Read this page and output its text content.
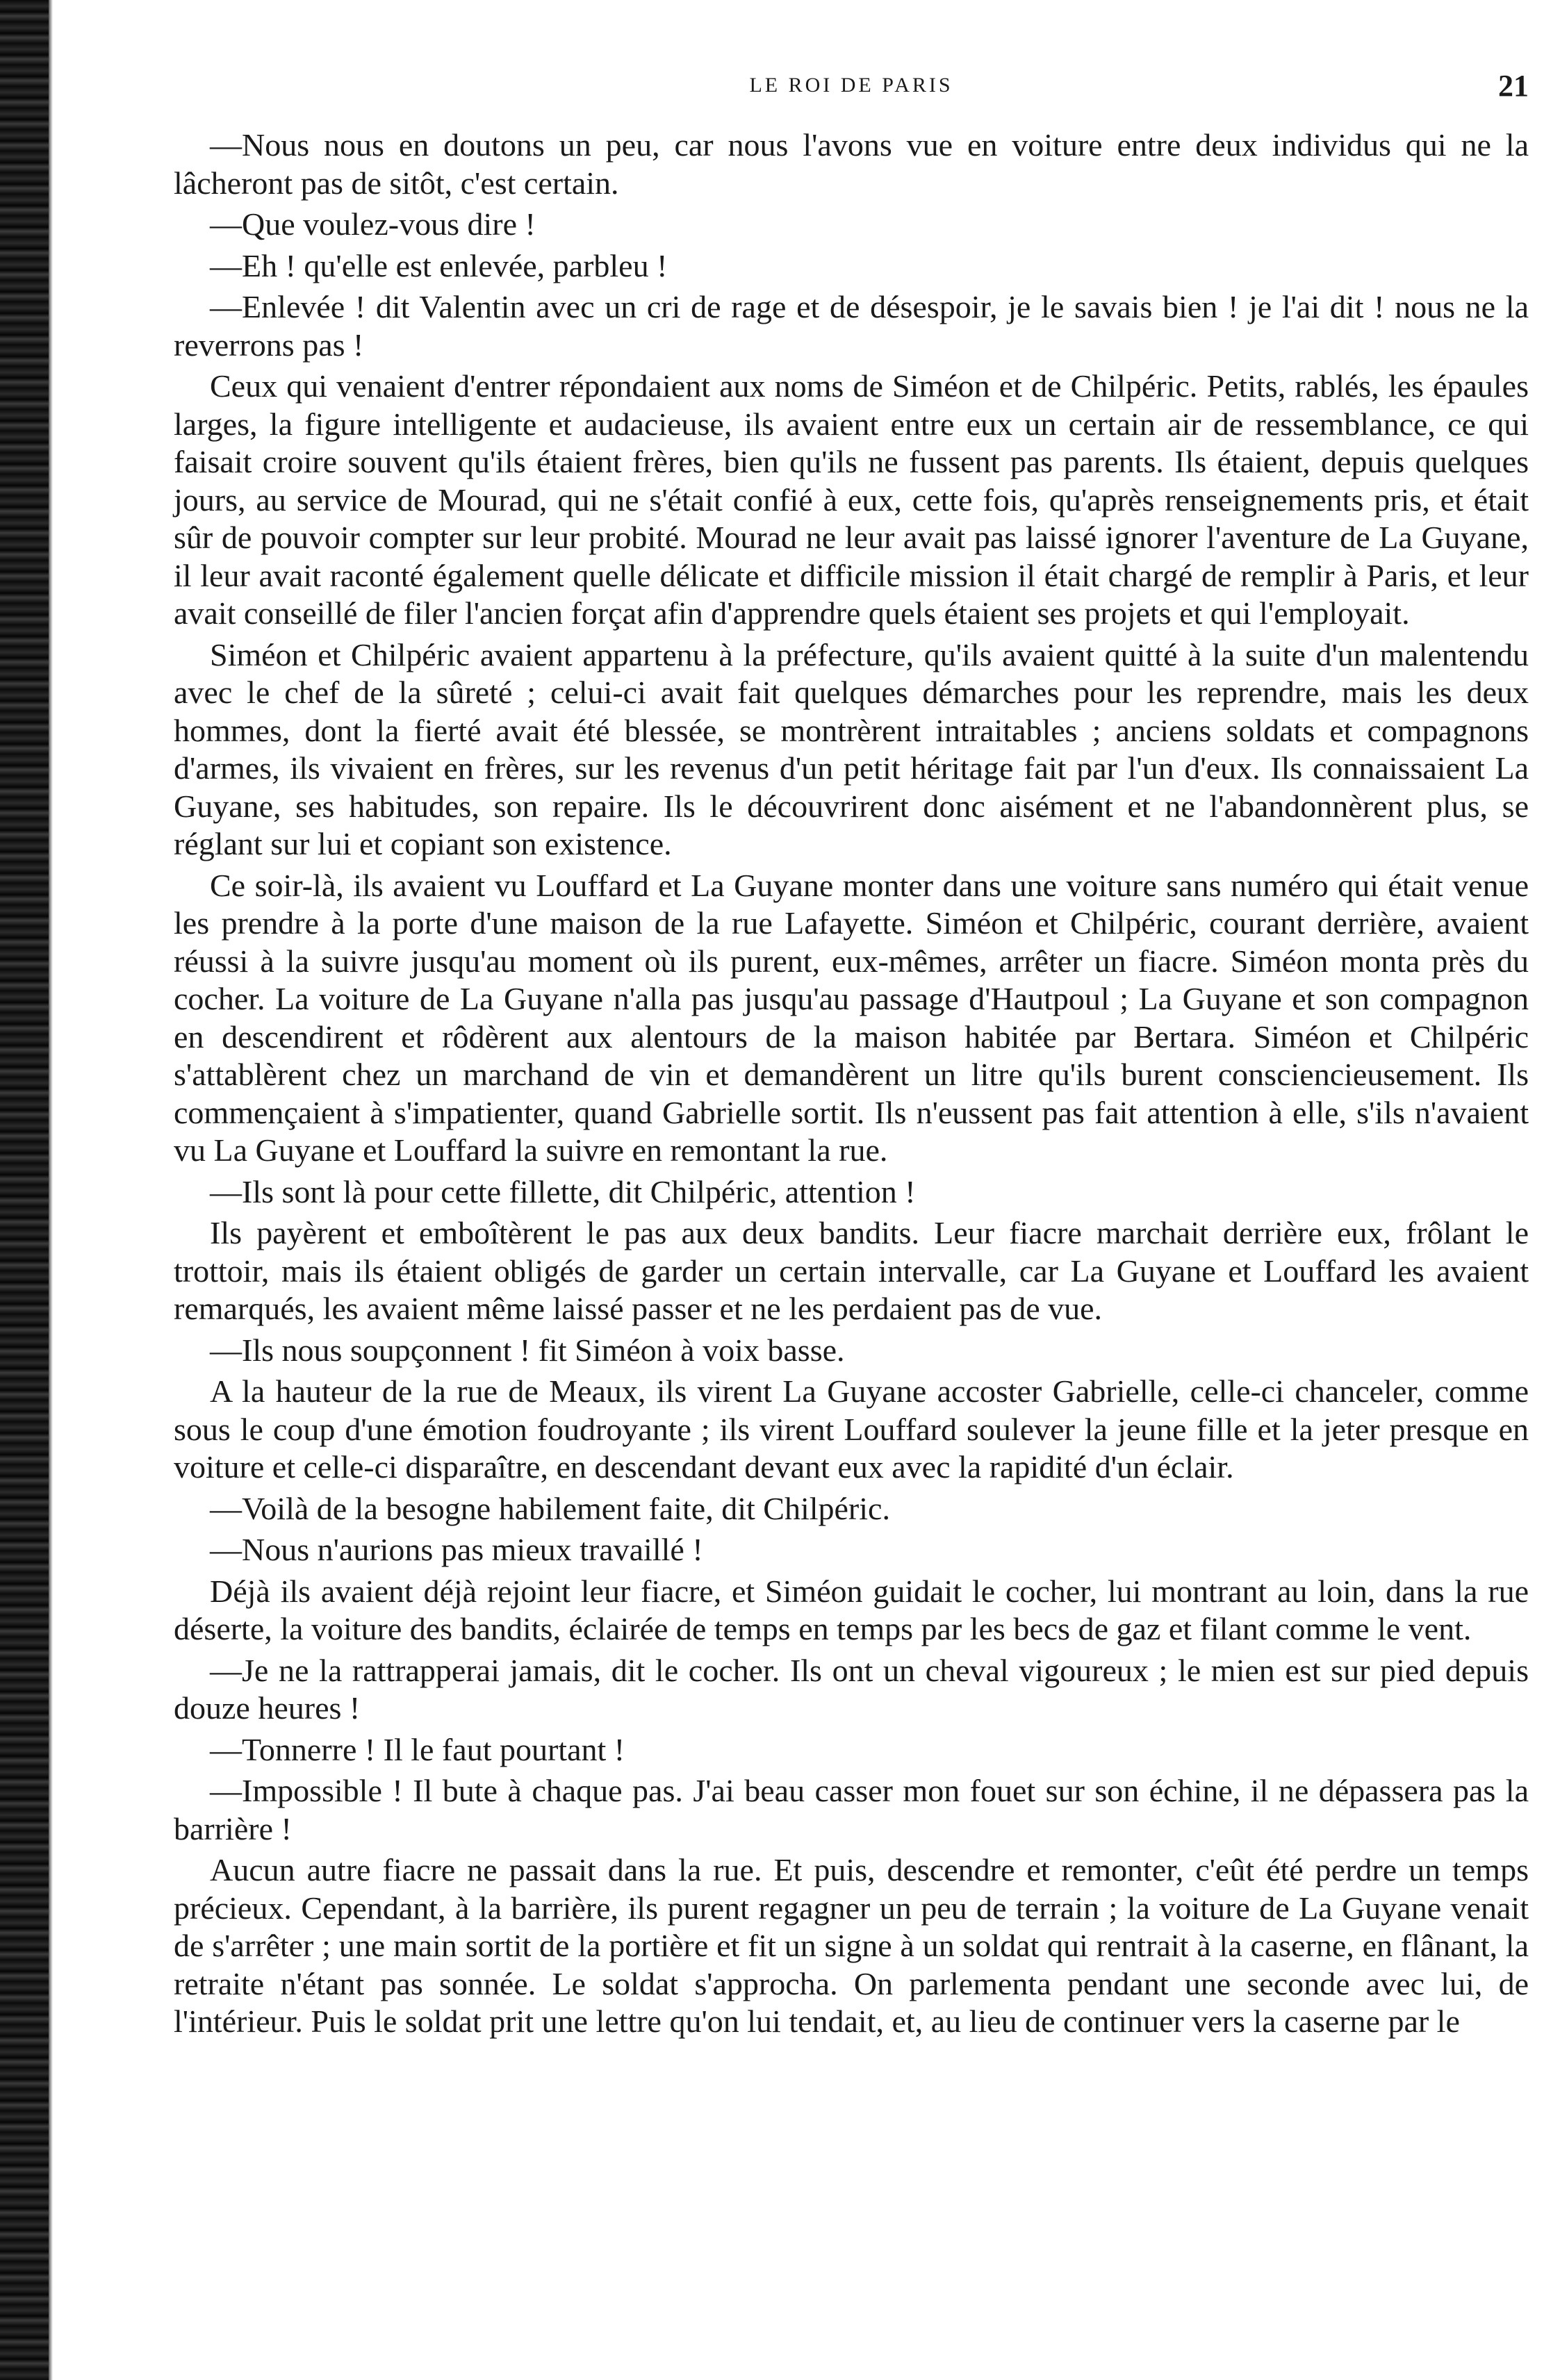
LE ROI DE PARIS	21

—Nous nous en doutons un peu, car nous l'avons vue en voiture entre deux individus qui ne la lâcheront pas de sitôt, c'est certain.

—Que voulez-vous dire !

—Eh ! qu'elle est enlevée, parbleu !

—Enlevée ! dit Valentin avec un cri de rage et de désespoir, je le savais bien ! je l'ai dit ! nous ne la reverrons pas !

Ceux qui venaient d'entrer répondaient aux noms de Siméon et de Chilpéric. Petits, rablés, les épaules larges, la figure intelligente et audacieuse, ils avaient entre eux un certain air de ressemblance, ce qui faisait croire souvent qu'ils étaient frères, bien qu'ils ne fussent pas parents. Ils étaient, depuis quelques jours, au service de Mourad, qui ne s'était confié à eux, cette fois, qu'après renseignements pris, et était sûr de pouvoir compter sur leur probité. Mourad ne leur avait pas laissé ignorer l'aventure de La Guyane, il leur avait raconté également quelle délicate et difficile mission il était chargé de remplir à Paris, et leur avait conseillé de filer l'ancien forçat afin d'apprendre quels étaient ses projets et qui l'employait.

Siméon et Chilpéric avaient appartenu à la préfecture, qu'ils avaient quitté à la suite d'un malentendu avec le chef de la sûreté ; celui-ci avait fait quelques démarches pour les reprendre, mais les deux hommes, dont la fierté avait été blessée, se montrèrent intraitables ; anciens soldats et compagnons d'armes, ils vivaient en frères, sur les revenus d'un petit héritage fait par l'un d'eux. Ils connaissaient La Guyane, ses habitudes, son repaire. Ils le découvrirent donc aisément et ne l'abandonnèrent plus, se réglant sur lui et copiant son existence.

Ce soir-là, ils avaient vu Louffard et La Guyane monter dans une voiture sans numéro qui était venue les prendre à la porte d'une maison de la rue Lafayette. Siméon et Chilpéric, courant derrière, avaient réussi à la suivre jusqu'au moment où ils purent, eux-mêmes, arrêter un fiacre. Siméon monta près du cocher. La voiture de La Guyane n'alla pas jusqu'au passage d'Hautpoul ; La Guyane et son compagnon en descendirent et rôdèrent aux alentours de la maison habitée par Bertara. Siméon et Chilpéric s'attablèrent chez un marchand de vin et demandèrent un litre qu'ils burent consciencieusement. Ils commençaient à s'impatienter, quand Gabrielle sortit. Ils n'eussent pas fait attention à elle, s'ils n'avaient vu La Guyane et Louffard la suivre en remontant la rue.

—Ils sont là pour cette fillette, dit Chilpéric, attention !

Ils payèrent et emboîtèrent le pas aux deux bandits. Leur fiacre marchait derrière eux, frôlant le trottoir, mais ils étaient obligés de garder un certain intervalle, car La Guyane et Louffard les avaient remarqués, les avaient même laissé passer et ne les perdaient pas de vue.

—Ils nous soupçonnent ! fit Siméon à voix basse.

A la hauteur de la rue de Meaux, ils virent La Guyane accoster Gabrielle, celle-ci chanceler, comme sous le coup d'une émotion foudroyante ; ils virent Louffard soulever la jeune fille et la jeter presque en voiture et celle-ci disparaître, en descendant devant eux avec la rapidité d'un éclair.

—Voilà de la besogne habilement faite, dit Chilpéric.

—Nous n'aurions pas mieux travaillé !

Déjà ils avaient déjà rejoint leur fiacre, et Siméon guidait le cocher, lui montrant au loin, dans la rue déserte, la voiture des bandits, éclairée de temps en temps par les becs de gaz et filant comme le vent.

—Je ne la rattrapperai jamais, dit le cocher. Ils ont un cheval vigoureux ; le mien est sur pied depuis douze heures !

—Tonnerre ! Il le faut pourtant !

—Impossible ! Il bute à chaque pas. J'ai beau casser mon fouet sur son échine, il ne dépassera pas la barrière !

Aucun autre fiacre ne passait dans la rue. Et puis, descendre et remonter, c'eût été perdre un temps précieux. Cependant, à la barrière, ils purent regagner un peu de terrain ; la voiture de La Guyane venait de s'arrêter ; une main sortit de la portière et fit un signe à un soldat qui rentrait à la caserne, en flânant, la retraite n'étant pas sonnée. Le soldat s'approcha. On parlementa pendant une seconde avec lui, de l'intérieur. Puis le soldat prit une lettre qu'on lui tendait, et, au lieu de continuer vers la caserne par le
